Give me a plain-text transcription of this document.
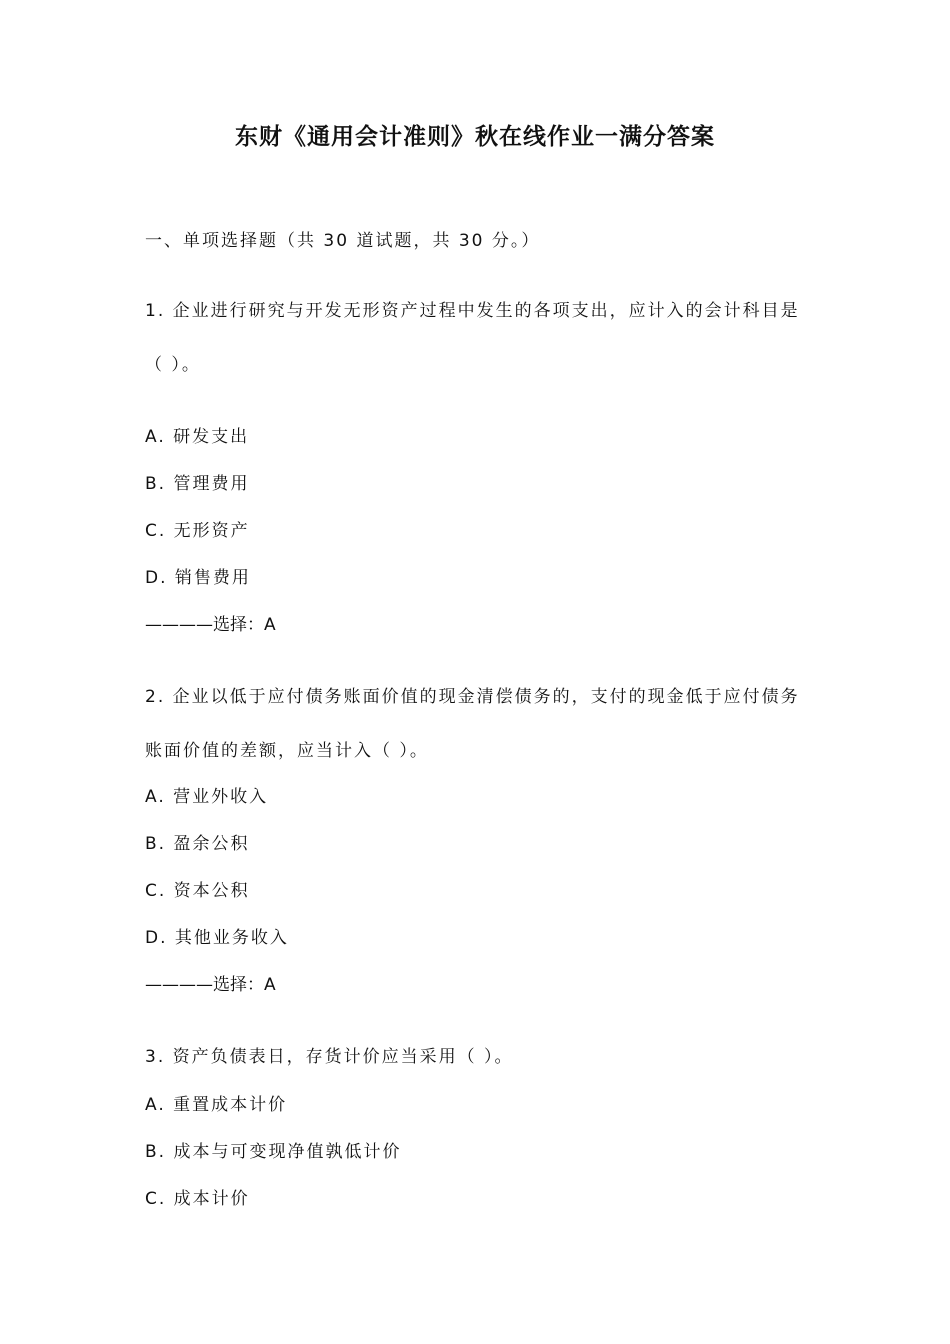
东财《通用会计准则》秋在线作业一满分答案
一、单项选择题（共 30 道试题，共 30 分。）
1. 企业进行研究与开发无形资产过程中发生的各项支出，应计入的会计科目是
（ ）。
A. 研发支出
B. 管理费用
C. 无形资产
D. 销售费用
————选择：A
2. 企业以低于应付债务账面价值的现金清偿债务的，支付的现金低于应付债务
账面价值的差额，应当计入（ ）。
A. 营业外收入
B. 盈余公积
C. 资本公积
D. 其他业务收入
————选择：A
3. 资产负债表日，存货计价应当采用（ ）。
A. 重置成本计价
B. 成本与可变现净值孰低计价
C. 成本计价
